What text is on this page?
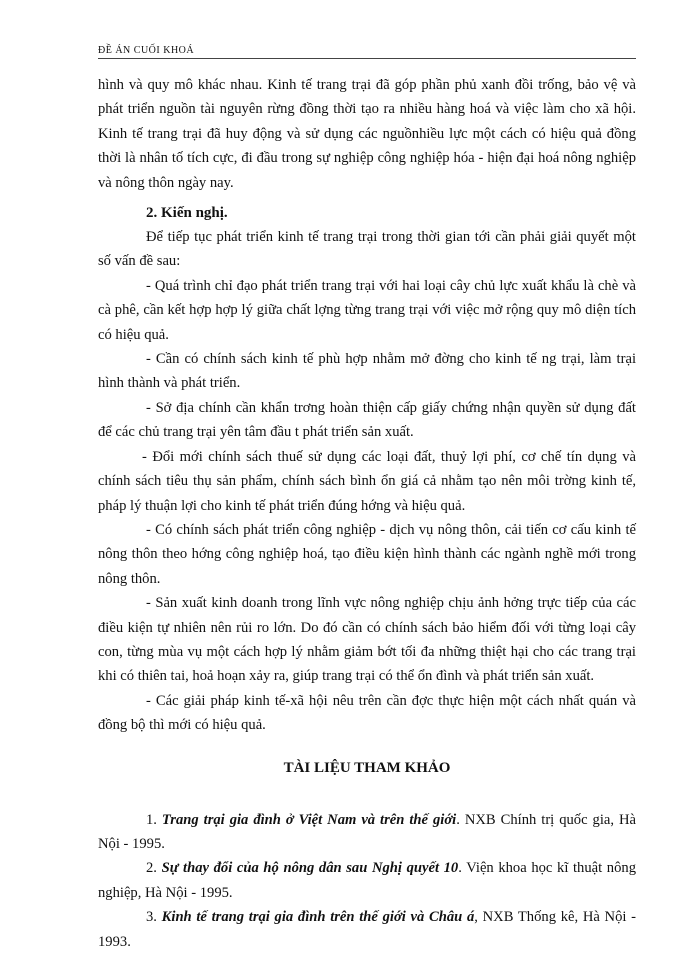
ĐỀ ÁN CUỐI KHOÁ

hình và quy mô khác nhau. Kinh tế trang trại đã góp phần phủ xanh đồi trống, bảo vệ và phát triển nguồn tài nguyên rừng đồng thời tạo ra nhiều hàng hoá và việc làm cho xã hội. Kinh tế trang trại đã huy động và sử dụng các nguồnhiều lực một cách có hiệu quả đồng thời là nhân tố tích cực, đi đầu trong sự nghiệp công nghiệp hóa - hiện đại hoá nông nghiệp và nông thôn ngày nay.

2. Kiến nghị.

Để tiếp tục phát triển kinh tế trang trại trong thời gian tới cần phải giải quyết một số vấn đề sau:

- Quá trình chỉ đạo phát triển trang trại với hai loại cây chủ lực xuất khẩu là chè và cà phê, cần kết hợp hợp lý giữa chất lợng từng trang trại với việc mở rộng quy mô diện tích có hiệu quả.

- Cần có chính sách kinh tế phù hợp nhằm mở đờng cho kinh tế ng trại, làm trại hình thành và phát triển.

- Sở địa chính cần khẩn trơng hoàn thiện cấp giấy chứng nhận quyền sử dụng đất để các chủ trang trại yên tâm đầu t phát triển sản xuất.

- Đổi mới chính sách thuế sử dụng các loại đất, thuỷ lợi phí, cơ chế tín dụng và chính sách tiêu thụ sản phẩm, chính sách bình ổn giá cả nhằm tạo nên môi trờng kinh tế, pháp lý thuận lợi cho kinh tế phát triển đúng hớng và hiệu quả.

- Có chính sách phát triển công nghiệp - dịch vụ nông thôn, cải tiến cơ cấu kinh tế nông thôn theo hớng công nghiệp hoá, tạo điều kiện hình thành các ngành nghề mới trong nông thôn.

- Sản xuất kinh doanh trong lĩnh vực nông nghiệp chịu ảnh hởng trực tiếp của các điều kiện tự nhiên nên rủi ro lớn. Do đó cần có chính sách bảo hiểm đối với từng loại cây con, từng mùa vụ một cách hợp lý nhằm giảm bớt tối đa những thiệt hại cho các trang trại khi có thiên tai, hoả hoạn xảy ra, giúp trang trại có thể ổn đình và phát triển sản xuất.

- Các giải pháp kinh tế-xã hội nêu trên cần đợc thực hiện một cách nhất quán và đồng bộ thì mới có hiệu quả.

TÀI LIỆU THAM KHẢO

1. Trang trại gia đình ở Việt Nam và trên thế giới. NXB Chính trị quốc gia, Hà Nội - 1995.

2. Sự thay đổi của hộ nông dân sau Nghị quyết 10. Viện khoa học kĩ thuật nông nghiệp, Hà Nội - 1995.

3. Kinh tế trang trại gia đình trên thế giới và Châu á, NXB Thống kê, Hà Nội - 1993.
